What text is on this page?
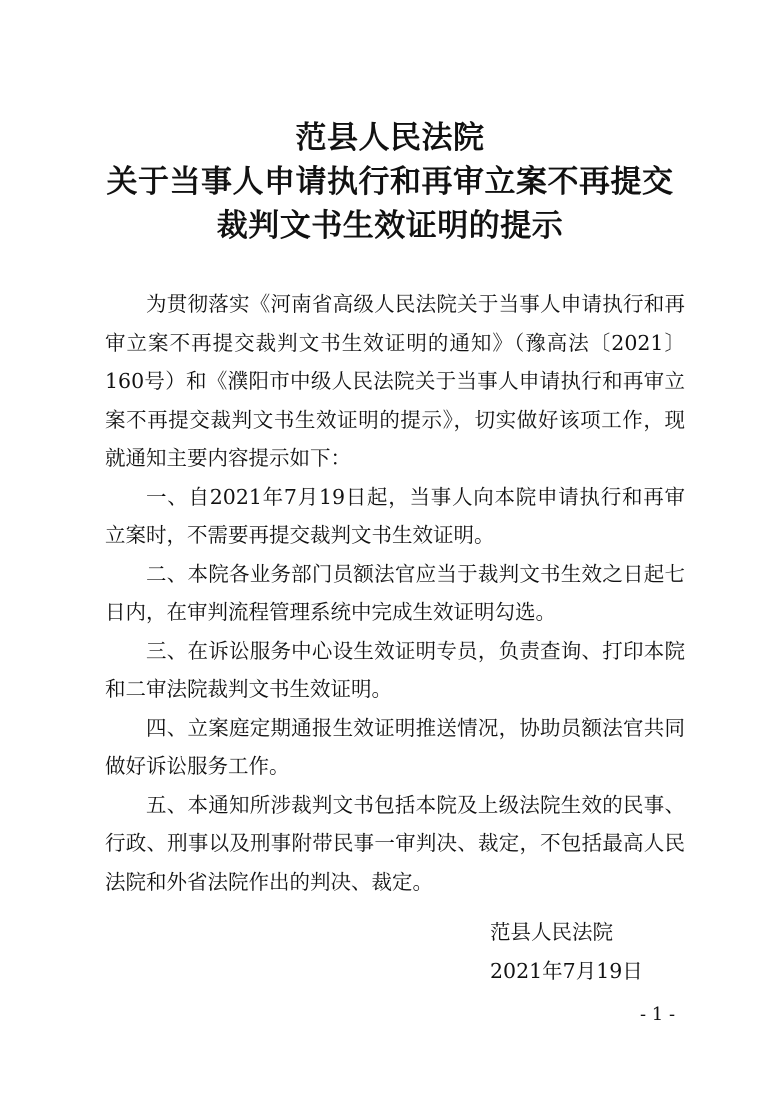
范县人民法院
关于当事人申请执行和再审立案不再提交
裁判文书生效证明的提示

为贯彻落实《河南省高级人民法院关于当事人申请执行和再审立案不再提交裁判文书生效证明的通知》（豫高法〔2021〕160号）和《濮阳市中级人民法院关于当事人申请执行和再审立案不再提交裁判文书生效证明的提示》，切实做好该项工作，现就通知主要内容提示如下：

一、自2021年7月19日起，当事人向本院申请执行和再审立案时，不需要再提交裁判文书生效证明。

二、本院各业务部门员额法官应当于裁判文书生效之日起七日内，在审判流程管理系统中完成生效证明勾选。

三、在诉讼服务中心设生效证明专员，负责查询、打印本院和二审法院裁判文书生效证明。

四、立案庭定期通报生效证明推送情况，协助员额法官共同做好诉讼服务工作。

五、本通知所涉裁判文书包括本院及上级法院生效的民事、行政、刑事以及刑事附带民事一审判决、裁定，不包括最高人民法院和外省法院作出的判决、裁定。

范县人民法院
2021年7月19日
- 1 -
